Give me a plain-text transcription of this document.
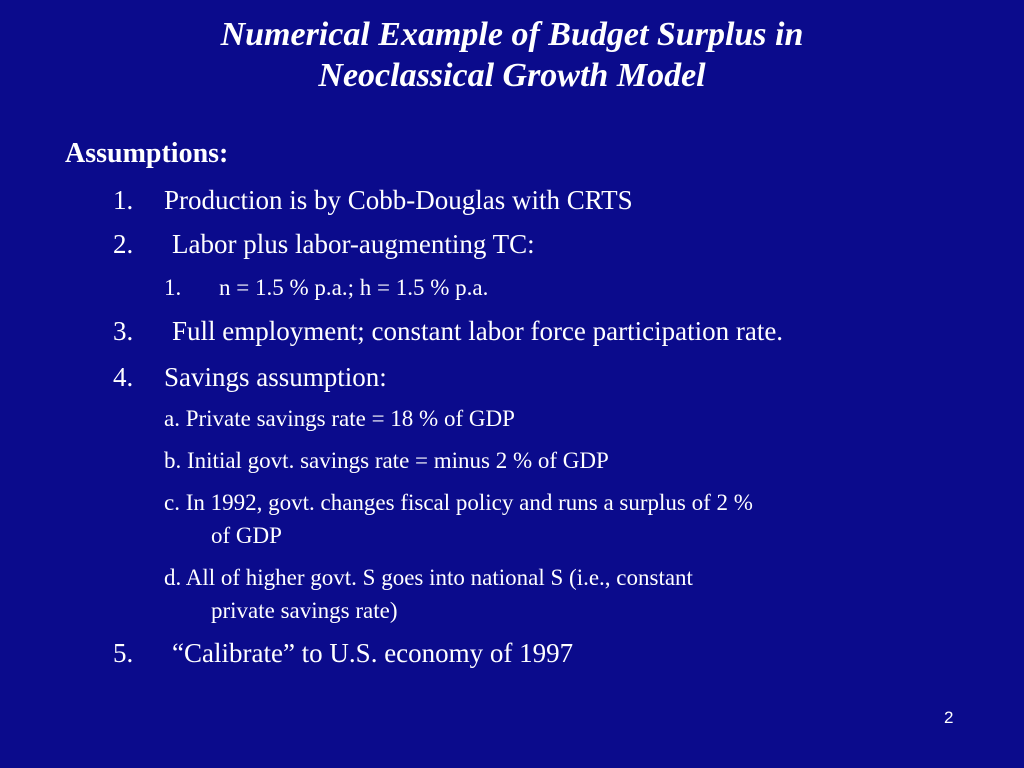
Numerical Example of Budget Surplus in
Neoclassical Growth Model
Assumptions:
1. Production is by Cobb-Douglas with CRTS
2. Labor plus labor-augmenting TC:
1. n = 1.5 % p.a.; h = 1.5 % p.a.
3. Full employment; constant labor force participation rate.
4. Savings assumption:
a. Private savings rate = 18 % of GDP
b. Initial govt. savings rate = minus 2 % of GDP
c. In 1992, govt. changes fiscal policy and runs a surplus of 2 %
of GDP
d. All of higher govt. S goes into national S (i.e., constant
private savings rate)
5. “Calibrate” to U.S. economy of 1997
2
